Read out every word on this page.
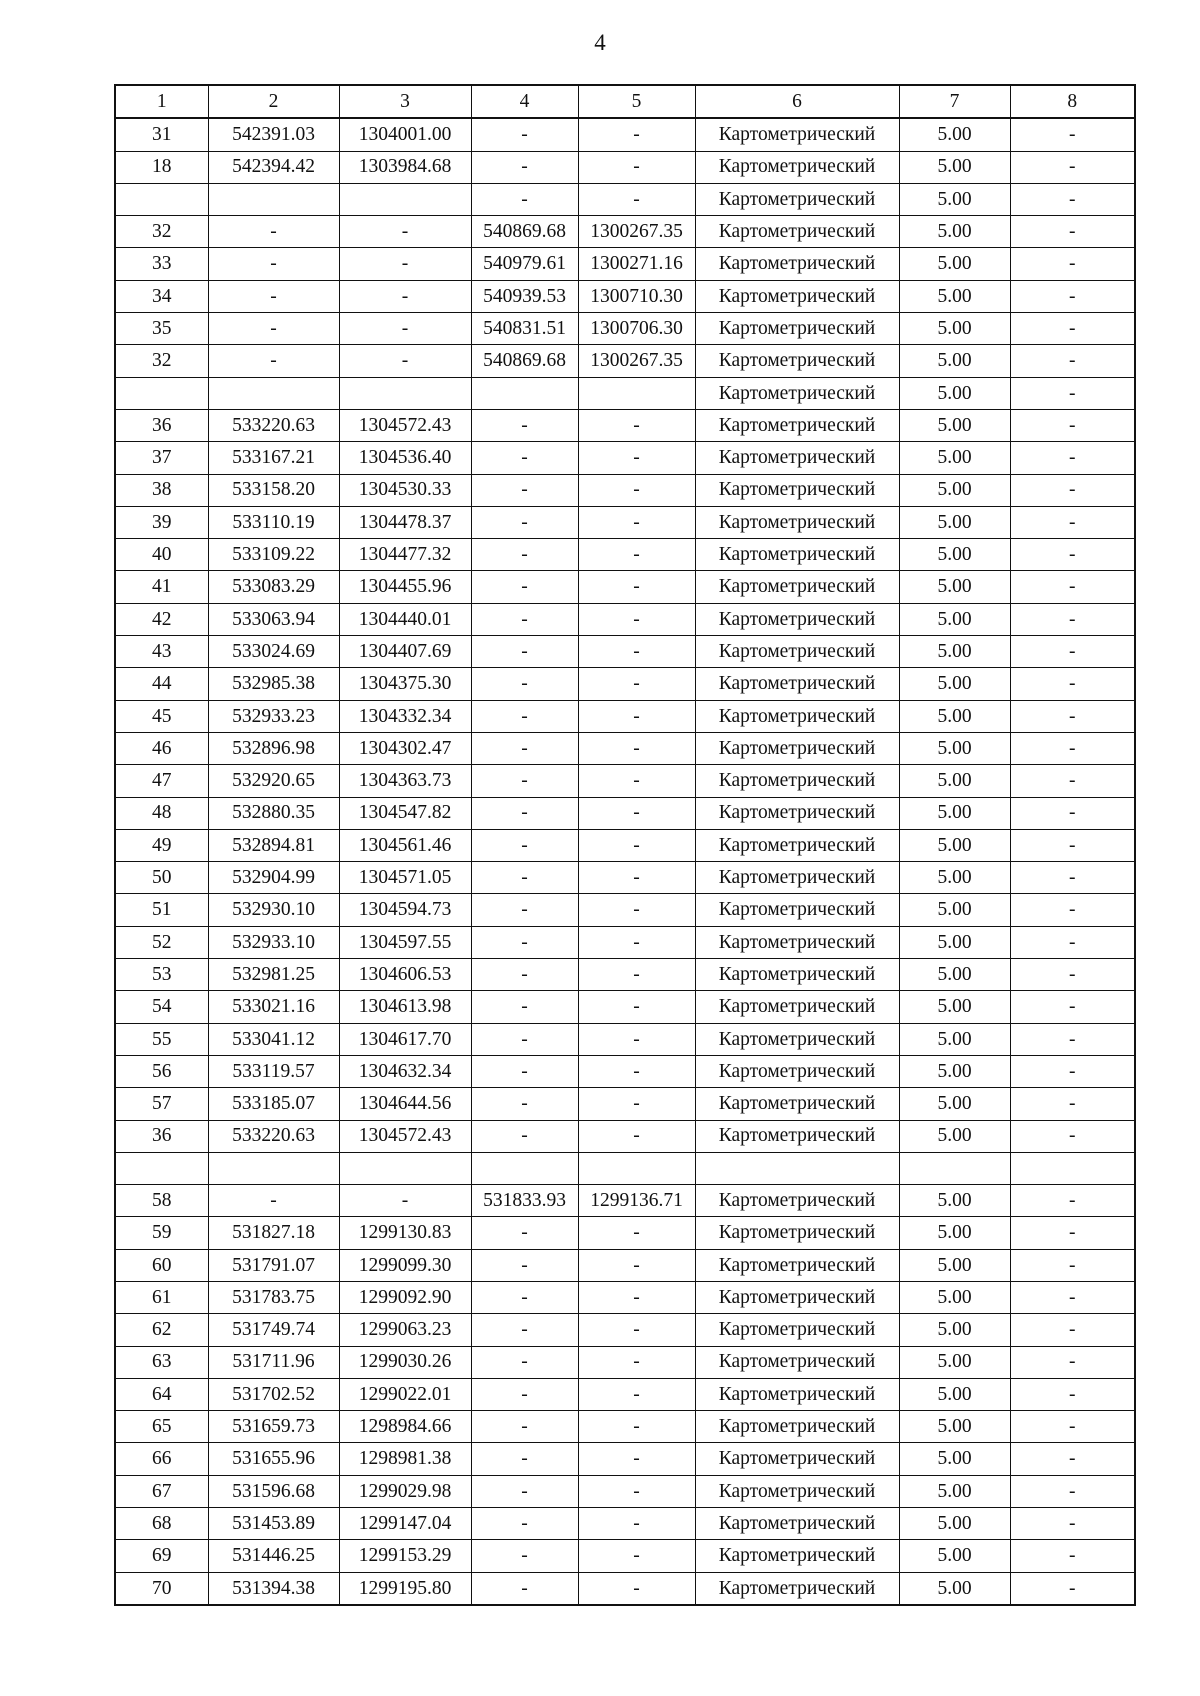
4
1	2	3	4	5	6	7	8
31	542391.03	1304001.00	-	-	Картометрический	5.00	-
18	542394.42	1303984.68	-	-	Картометрический	5.00	-
			-	-	Картометрический	5.00	-
32	-	-	540869.68	1300267.35	Картометрический	5.00	-
33	-	-	540979.61	1300271.16	Картометрический	5.00	-
34	-	-	540939.53	1300710.30	Картометрический	5.00	-
35	-	-	540831.51	1300706.30	Картометрический	5.00	-
32	-	-	540869.68	1300267.35	Картометрический	5.00	-
					Картометрический	5.00	-
36	533220.63	1304572.43	-	-	Картометрический	5.00	-
37	533167.21	1304536.40	-	-	Картометрический	5.00	-
38	533158.20	1304530.33	-	-	Картометрический	5.00	-
39	533110.19	1304478.37	-	-	Картометрический	5.00	-
40	533109.22	1304477.32	-	-	Картометрический	5.00	-
41	533083.29	1304455.96	-	-	Картометрический	5.00	-
42	533063.94	1304440.01	-	-	Картометрический	5.00	-
43	533024.69	1304407.69	-	-	Картометрический	5.00	-
44	532985.38	1304375.30	-	-	Картометрический	5.00	-
45	532933.23	1304332.34	-	-	Картометрический	5.00	-
46	532896.98	1304302.47	-	-	Картометрический	5.00	-
47	532920.65	1304363.73	-	-	Картометрический	5.00	-
48	532880.35	1304547.82	-	-	Картометрический	5.00	-
49	532894.81	1304561.46	-	-	Картометрический	5.00	-
50	532904.99	1304571.05	-	-	Картометрический	5.00	-
51	532930.10	1304594.73	-	-	Картометрический	5.00	-
52	532933.10	1304597.55	-	-	Картометрический	5.00	-
53	532981.25	1304606.53	-	-	Картометрический	5.00	-
54	533021.16	1304613.98	-	-	Картометрический	5.00	-
55	533041.12	1304617.70	-	-	Картометрический	5.00	-
56	533119.57	1304632.34	-	-	Картометрический	5.00	-
57	533185.07	1304644.56	-	-	Картометрический	5.00	-
36	533220.63	1304572.43	-	-	Картометрический	5.00	-

58	-	-	531833.93	1299136.71	Картометрический	5.00	-
59	531827.18	1299130.83	-	-	Картометрический	5.00	-
60	531791.07	1299099.30	-	-	Картометрический	5.00	-
61	531783.75	1299092.90	-	-	Картометрический	5.00	-
62	531749.74	1299063.23	-	-	Картометрический	5.00	-
63	531711.96	1299030.26	-	-	Картометрический	5.00	-
64	531702.52	1299022.01	-	-	Картометрический	5.00	-
65	531659.73	1298984.66	-	-	Картометрический	5.00	-
66	531655.96	1298981.38	-	-	Картометрический	5.00	-
67	531596.68	1299029.98	-	-	Картометрический	5.00	-
68	531453.89	1299147.04	-	-	Картометрический	5.00	-
69	531446.25	1299153.29	-	-	Картометрический	5.00	-
70	531394.38	1299195.80	-	-	Картометрический	5.00	-
